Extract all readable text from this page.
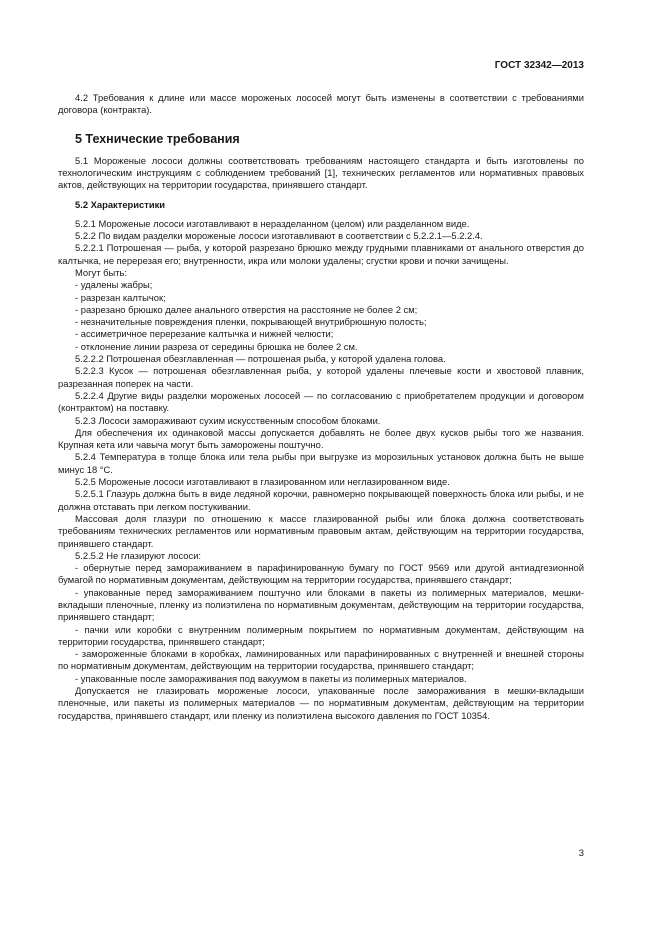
ГОСТ 32342—2013

4.2 Требования к длине или массе мороженых лососей могут быть изменены в соответствии с требованиями договора (контракта).

5 Технические требования

5.1 Мороженые лососи должны соответствовать требованиям настоящего стандарта и быть изготовлены по технологическим инструкциям с соблюдением требований [1], технических регламентов или нормативных правовых актов, действующих на территории государства, принявшего стандарт.

5.2 Характеристики

5.2.1 Мороженые лососи изготавливают в неразделанном (целом) или разделанном виде.

5.2.2 По видам разделки мороженые лососи изготавливают в соответствии с 5.2.2.1—5.2.2.4.

5.2.2.1 Потрошеная — рыба, у которой разрезано брюшко между грудными плавниками от анального отверстия до калтычка, не перерезая его; внутренности, икра или молоки удалены; сгустки крови и почки зачищены.

Могут быть:

- удалены жабры;

- разрезан калтычок;

- разрезано брюшко далее анального отверстия на расстояние не более 2 см;

- незначительные повреждения пленки, покрывающей внутрибрюшную полость;

- ассиметричное перерезание калтычка и нижней челюсти;

- отклонение линии разреза от середины брюшка не более 2 см.

5.2.2.2 Потрошеная обезглавленная — потрошеная рыба, у которой удалена голова.

5.2.2.3 Кусок — потрошеная обезглавленная рыба, у которой удалены плечевые кости и хвостовой плавник, разрезанная поперек на части.

5.2.2.4 Другие виды разделки мороженых лососей — по согласованию с приобретателем продукции и договором (контрактом) на поставку.

5.2.3 Лососи замораживают сухим искусственным способом блоками.

Для обеспечения их одинаковой массы допускается добавлять не более двух кусков рыбы того же названия. Крупная кета или чавыча могут быть заморожены поштучно.

5.2.4 Температура в толще блока или тела рыбы при выгрузке из морозильных установок должна быть не выше минус 18 °С.

5.2.5 Мороженые лососи изготавливают в глазированном или неглазированном виде.

5.2.5.1 Глазурь должна быть в виде ледяной корочки, равномерно покрывающей поверхность блока или рыбы, и не должна отставать при легком постукивании.

Массовая доля глазури по отношению к массе глазированной рыбы или блока должна соответствовать требованиям технических регламентов или нормативным правовым актам, действующим на территории государства, принявшего стандарт.

5.2.5.2 Не глазируют лососи:

- обернутые перед замораживанием в парафинированную бумагу по ГОСТ 9569 или другой антиадгезионной бумагой по нормативным документам, действующим на территории государства, принявшего стандарт;

- упакованные перед замораживанием поштучно или блоками в пакеты из полимерных материалов, мешки-вкладыши пленочные, пленку из полиэтилена по нормативным документам, действующим на территории государства, принявшего стандарт;

- пачки или коробки с внутренним полимерным покрытием по нормативным документам, действующим на территории государства, принявшего стандарт;

- замороженные блоками в коробках, ламинированных или парафинированных с внутренней и внешней стороны по нормативным документам, действующим на территории государства, принявшего стандарт;

- упакованные после замораживания под вакуумом в пакеты из полимерных материалов.

Допускается не глазировать мороженые лососи, упакованные после замораживания в мешки-вкладыши пленочные, или пакеты из полимерных материалов — по нормативным документам, действующим на территории государства, принявшего стандарт, или пленку из полиэтилена высокого давления по ГОСТ 10354.

3
